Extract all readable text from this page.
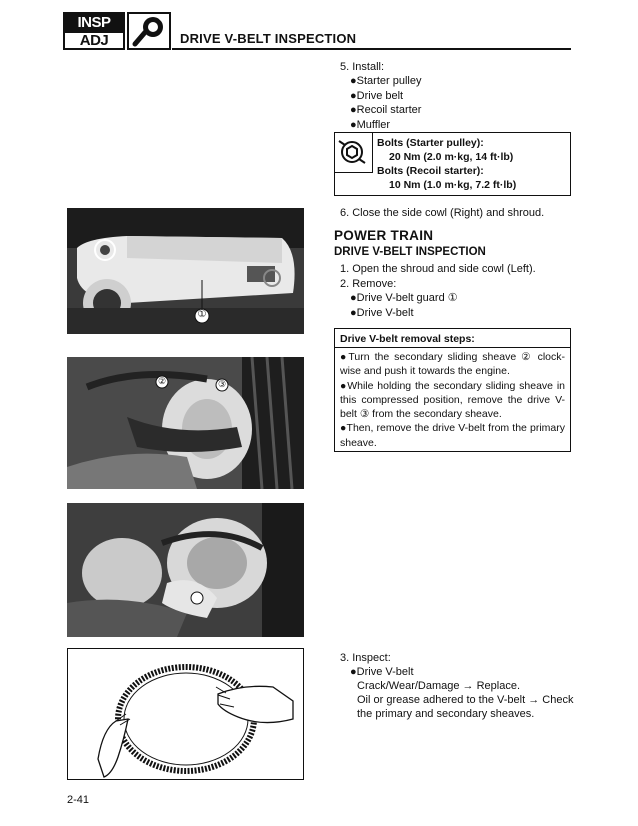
INSP
ADJ	DRIVE V-BELT INSPECTION
5. Install:
●Starter pulley
●Drive belt
●Recoil starter
●Muffler
Bolts (Starter pulley):
20 Nm (2.0 m·kg, 14 ft·lb)
Bolts (Recoil starter):
10 Nm (1.0 m·kg, 7.2 ft·lb)
6. Close the side cowl (Right) and shroud.
POWER TRAIN
DRIVE V-BELT INSPECTION
1. Open the shroud and side cowl (Left).
2. Remove:
●Drive V-belt guard ①
●Drive V-belt
Drive V-belt removal steps:

●Turn the secondary sliding sheave ② clock-wise and push it towards the engine.

●While holding the secondary sliding sheave in this compressed position, remove the drive V-belt ③ from the secondary sheave.

●Then, remove the drive V-belt from the primary sheave.

①
②	③
3. Inspect:
●Drive V-belt
Crack/Wear/Damage → Replace.
Oil or grease adhered to the V-belt → Check
the primary and secondary sheaves.
2-41
